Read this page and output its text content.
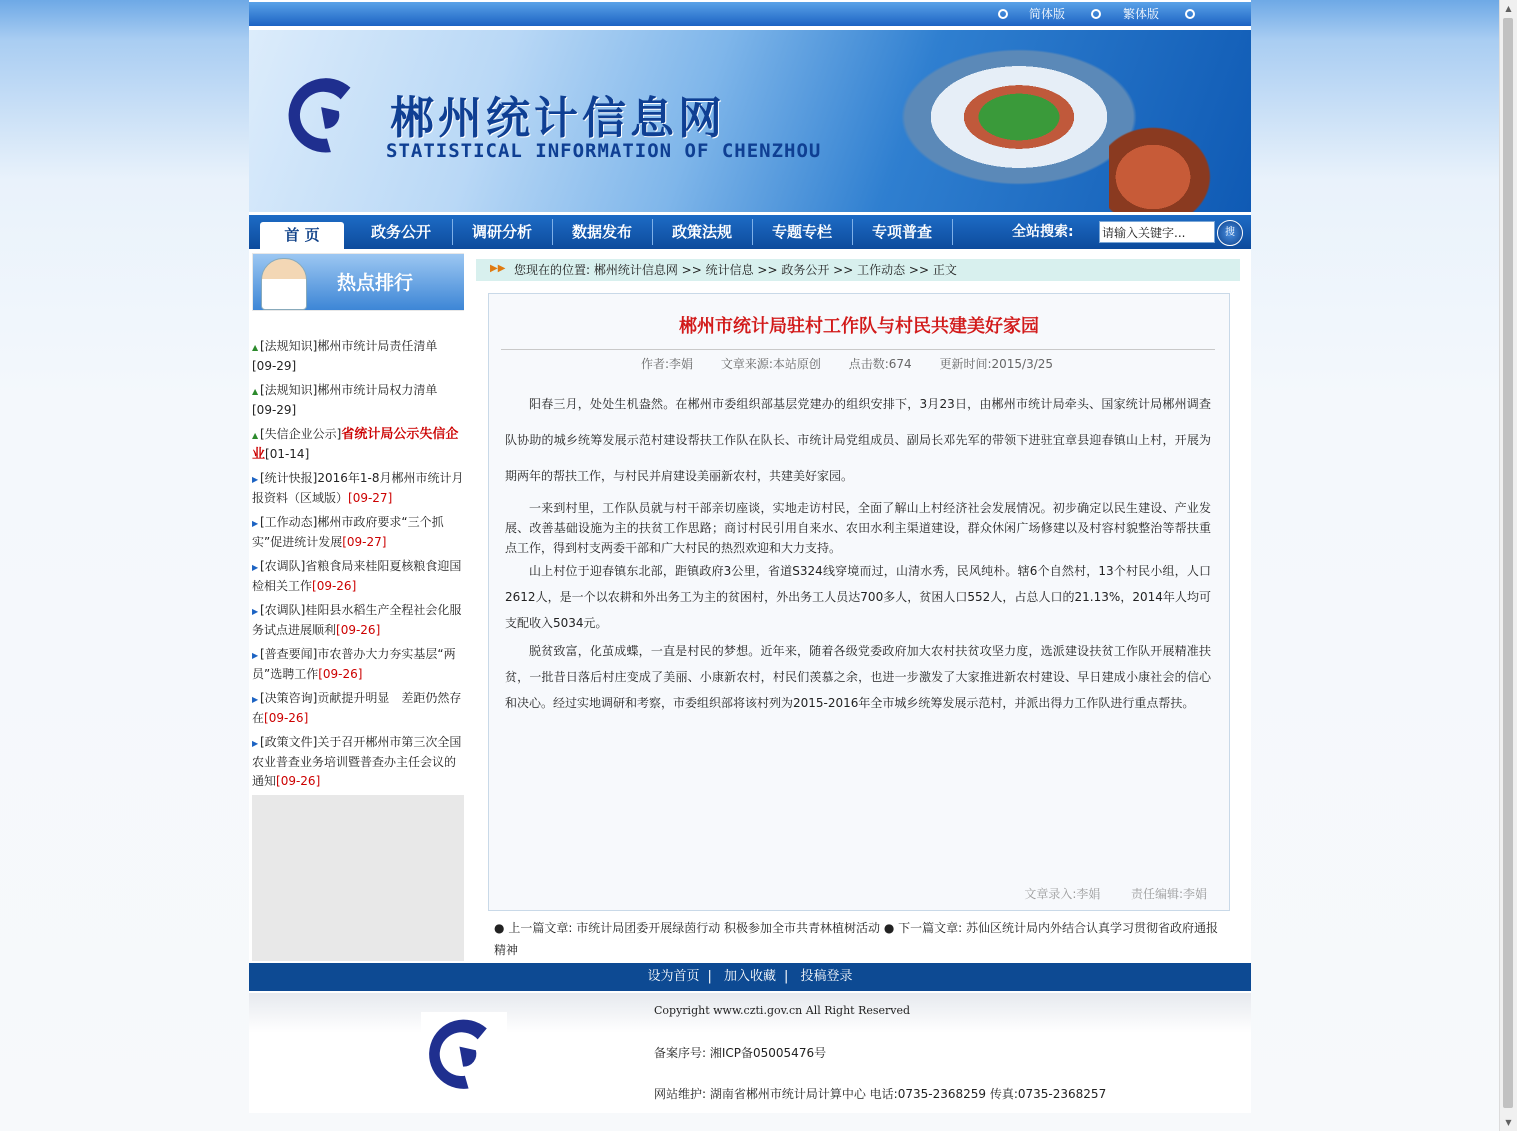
▲
▼
简体版	繁体版
郴州统计信息网
STATISTICAL INFORMATION OF CHENZHOU
首 页	政务公开	调研分析	数据发布	政策法规	专题专栏	专项普查	全站搜索:
请输入关键字...	搜
热点排行
▲ [法规知识]郴州市统计局责任清单
[09-29]
▲ [法规知识]郴州市统计局权力清单
[09-29]
▲ [失信企业公示]省统计局公示失信企业[01-14]
▶ [统计快报]2016年1-8月郴州市统计月报资料（区域版）[09-27]
▶ [工作动态]郴州市政府要求“三个抓实”促进统计发展[09-27]
▶ [农调队]省粮食局来桂阳夏核粮食迎国检相关工作[09-26]
▶ [农调队]桂阳县水稻生产全程社会化服务试点进展顺利[09-26]
▶ [普查要闻]市农普办大力夯实基层“两员”选聘工作[09-26]
▶ [决策咨询]贡献提升明显　差距仍然存在[09-26]
▶ [政策文件]关于召开郴州市第三次全国农业普查业务培训暨普查办主任会议的通知[09-26]
▶▶ 您现在的位置: 郴州统计信息网 >> 统计信息 >> 政务公开 >> 工作动态 >> 正文
郴州市统计局驻村工作队与村民共建美好家园
作者:李娟 文章来源:本站原创 点击数:674 更新时间:2015/3/25

阳春三月，处处生机盎然。在郴州市委组织部基层党建办的组织安排下，3月23日，由郴州市统计局牵头、国家统计局郴州调查队协助的城乡统筹发展示范村建设帮扶工作队在队长、市统计局党组成员、副局长邓先军的带领下进驻宜章县迎春镇山上村，开展为期两年的帮扶工作，与村民并肩建设美丽新农村，共建美好家园。

一来到村里，工作队员就与村干部亲切座谈，实地走访村民，全面了解山上村经济社会发展情况。初步确定以民生建设、产业发展、改善基础设施为主的扶贫工作思路；商讨村民引用自来水、农田水利主渠道建设，群众休闲广场修建以及村容村貌整治等帮扶重点工作，得到村支两委干部和广大村民的热烈欢迎和大力支持。

山上村位于迎春镇东北部，距镇政府3公里，省道S324线穿境而过，山清水秀，民风纯朴。辖6个自然村，13个村民小组，人口2612人，是一个以农耕和外出务工为主的贫困村，外出务工人员达700多人，贫困人口552人，占总人口的21.13%，2014年人均可支配收入5034元。

脱贫致富，化茧成蝶，一直是村民的梦想。近年来，随着各级党委政府加大农村扶贫攻坚力度，选派建设扶贫工作队开展精准扶贫，一批昔日落后村庄变成了美丽、小康新农村，村民们羡慕之余，也进一步激发了大家推进新农村建设、早日建成小康社会的信心和决心。经过实地调研和考察，市委组织部将该村列为2015-2016年全市城乡统筹发展示范村，并派出得力工作队进行重点帮扶。

文章录入:李娟	责任编辑:李娟
● 上一篇文章: 市统计局团委开展绿茵行动 积极参加全市共青林植树活动 ● 下一篇文章: 苏仙区统计局内外结合认真学习贯彻省政府通报精神
设为首页 | 加入收藏 | 投稿登录
Copyright www.czti.gov.cn All Right Reserved
备案序号: 湘ICP备05005476号
网站维护: 湖南省郴州市统计局计算中心 电话:0735-2368259 传真:0735-2368257
